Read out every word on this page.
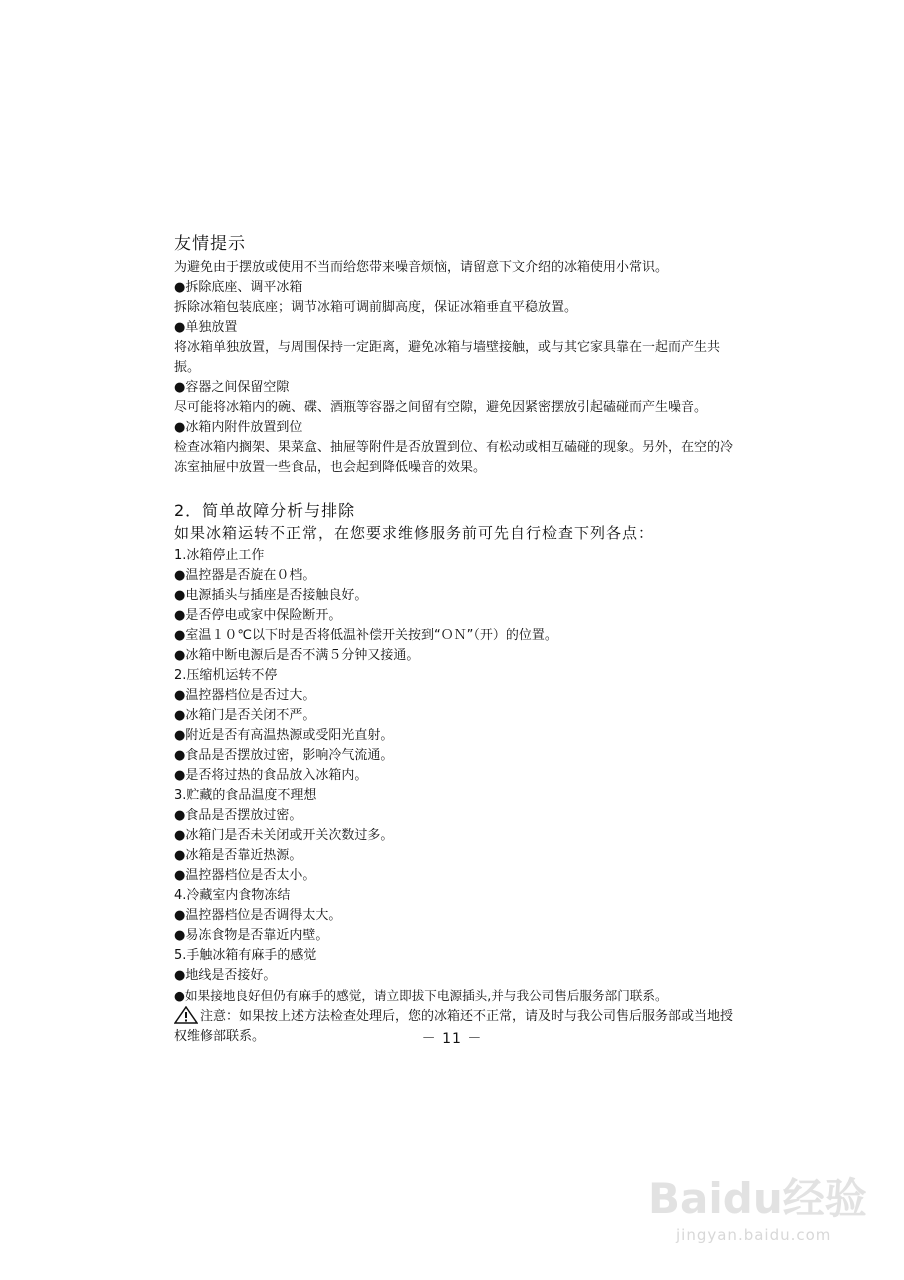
友情提示
为避免由于摆放或使用不当而给您带来噪音烦恼，请留意下文介绍的冰箱使用小常识。
● 拆除底座、调平冰箱
拆除冰箱包装底座；调节冰箱可调前脚高度，保证冰箱垂直平稳放置。
● 单独放置
将冰箱单独放置，与周围保持一定距离，避免冰箱与墙壁接触，或与其它家具靠在一起而产生共振。
● 容器之间保留空隙
尽可能将冰箱内的碗、碟、酒瓶等容器之间留有空隙，避免因紧密摆放引起磕碰而产生噪音。
● 冰箱内附件放置到位
检查冰箱内搁架、果菜盒、抽屉等附件是否放置到位、有松动或相互磕碰的现象。另外，在空的冷冻室抽屉中放置一些食品，也会起到降低噪音的效果。
2．简单故障分析与排除
如果冰箱运转不正常，在您要求维修服务前可先自行检查下列各点：
1.冰箱停止工作
● 温控器是否旋在０档。
● 电源插头与插座是否接触良好。
● 是否停电或家中保险断开。
● 室温１０℃以下时是否将低温补偿开关按到“ＯＮ”（开）的位置。
● 冰箱中断电源后是否不满５分钟又接通。
2.压缩机运转不停
● 温控器档位是否过大。
● 冰箱门是否关闭不严。
● 附近是否有高温热源或受阳光直射。
● 食品是否摆放过密，影响冷气流通。
● 是否将过热的食品放入冰箱内。
3.贮藏的食品温度不理想
● 食品是否摆放过密。
● 冰箱门是否未关闭或开关次数过多。
● 冰箱是否靠近热源。
● 温控器档位是否太小。
4.冷藏室内食物冻结
● 温控器档位是否调得太大。
● 易冻食物是否靠近内壁。
5.手触冰箱有麻手的感觉
● 地线是否接好。
● 如果接地良好但仍有麻手的感觉，请立即拔下电源插头,并与我公司售后服务部门联系。
注意：如果按上述方法检查处理后，您的冰箱还不正常，请及时与我公司售后服务部或当地授权维修部联系。	－ 11 －
Baidu经验
jingyan.baidu.com
